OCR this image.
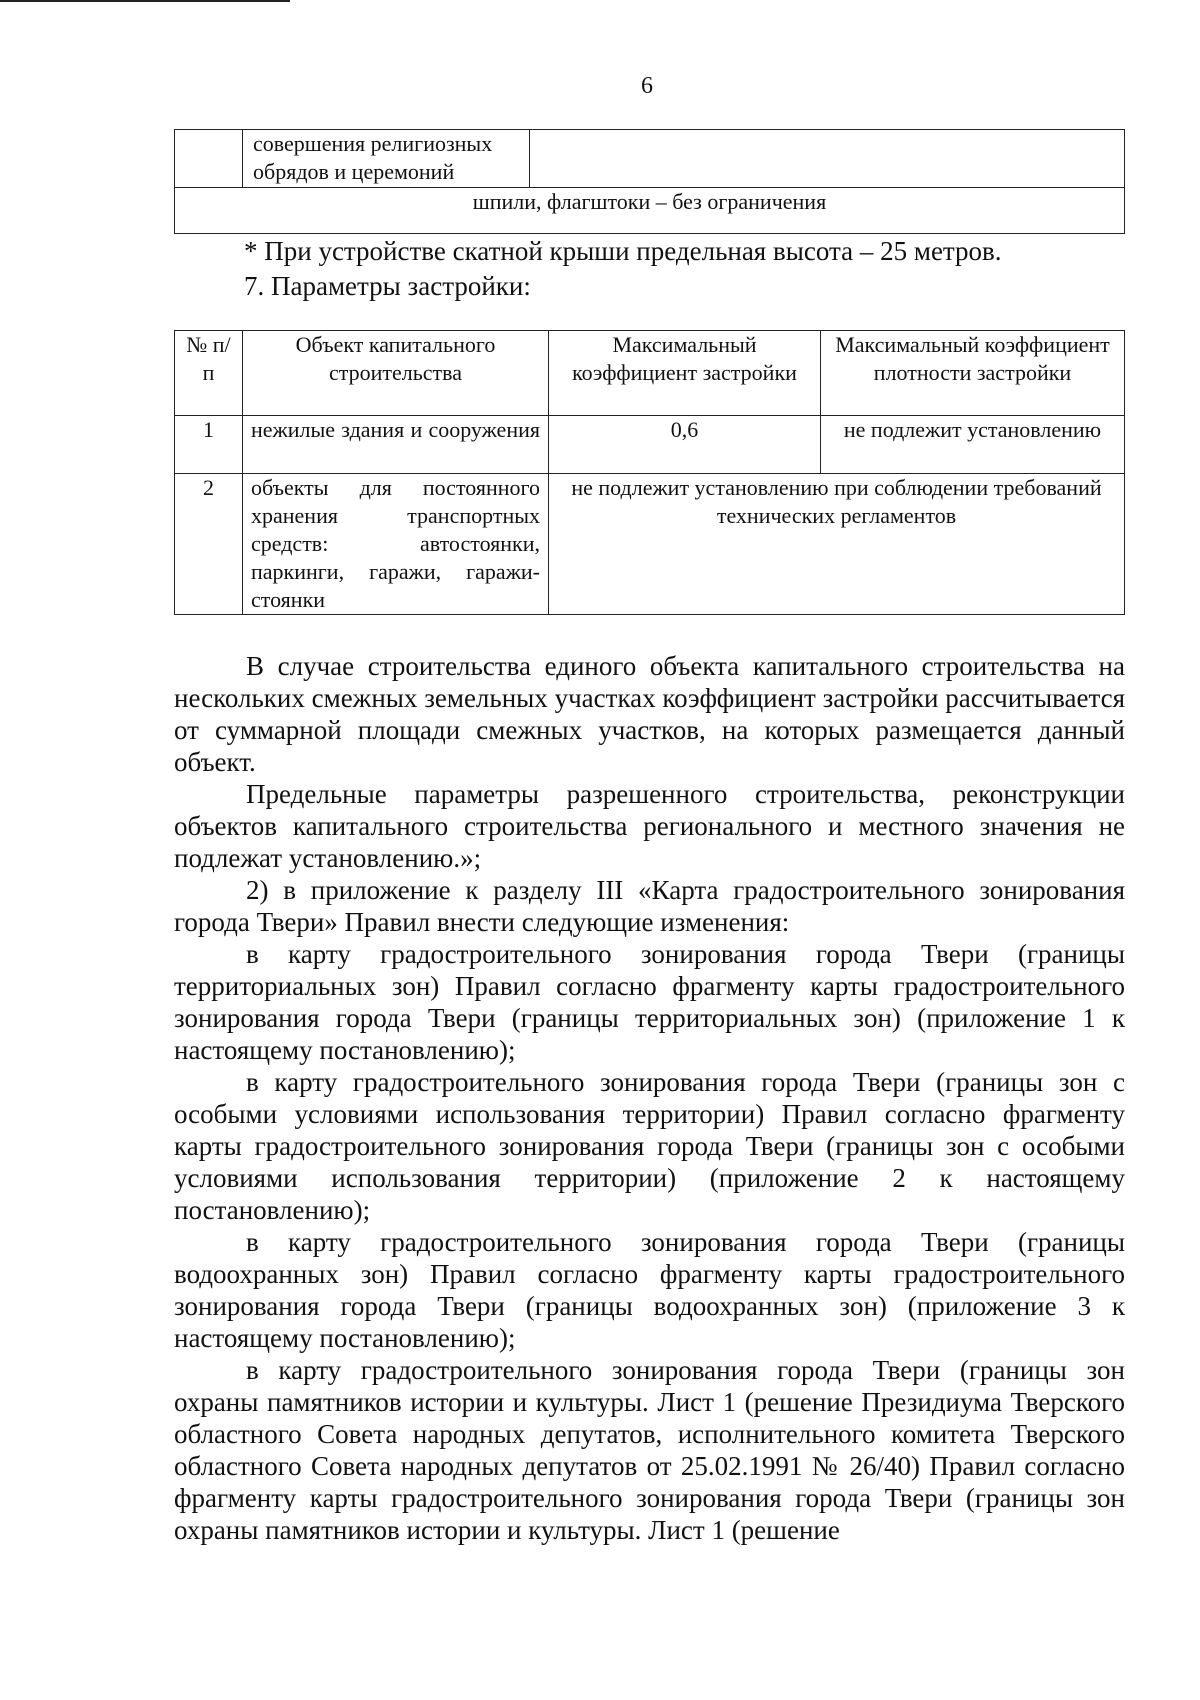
6
	совершения религиозных обрядов и церемоний	
шпили, флагштоки – без ограничения
* При устройстве скатной крыши предельная высота – 25 метров.
7. Параметры застройки:
№ п/п	Объект капитального строительства	Максимальный коэффициент застройки	Максимальный коэффициент плотности застройки
1	нежилые здания и сооружения	0,6	не подлежит установлению
2	объекты для постоянного хранения транспортных средств: автостоянки, паркинги, гаражи, гаражи-стоянки	не подлежит установлению при соблюдении требований технических регламентов	

В случае строительства единого объекта капитального строительства на нескольких смежных земельных участках коэффициент застройки рассчитывается от суммарной площади смежных участков, на которых размещается данный объект.

Предельные параметры разрешенного строительства, реконструкции объектов капитального строительства регионального и местного значения не подлежат установлению.»;

2) в приложение к разделу III «Карта градостроительного зонирования города Твери» Правил внести следующие изменения:

в карту градостроительного зонирования города Твери (границы территориальных зон) Правил согласно фрагменту карты градостроительного зонирования города Твери (границы территориальных зон) (приложение 1 к настоящему постановлению);

в карту градостроительного зонирования города Твери (границы зон с особыми условиями использования территории) Правил согласно фрагменту карты градостроительного зонирования города Твери (границы зон с особыми условиями использования территории) (приложение 2 к настоящему постановлению);

в карту градостроительного зонирования города Твери (границы водоохранных зон) Правил согласно фрагменту карты градостроительного зонирования города Твери (границы водоохранных зон) (приложение 3 к настоящему постановлению);

в карту градостроительного зонирования города Твери (границы зон охраны памятников истории и культуры. Лист 1 (решение Президиума Тверского областного Совета народных депутатов, исполнительного комитета Тверского областного Совета народных депутатов от 25.02.1991 № 26/40) Правил согласно фрагменту карты градостроительного зонирования города Твери (границы зон охраны памятников истории и культуры. Лист 1 (решение
